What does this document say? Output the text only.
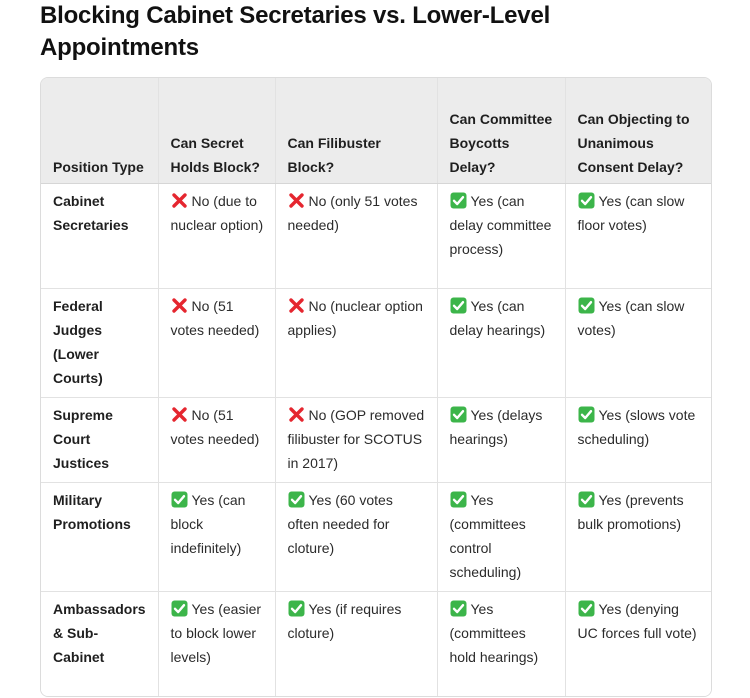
Blocking Cabinet Secretaries vs. Lower-Level Appointments
Position Type	Can Secret Holds Block?	Can Filibuster Block?	Can Committee Boycotts Delay?	Can Objecting to Unanimous Consent Delay?
Cabinet Secretaries	No (due to nuclear option)	No (only 51 votes needed)	Yes (can delay committee process)	Yes (can slow floor votes)
Federal Judges (Lower Courts)	No (51 votes needed)	No (nuclear option applies)	Yes (can delay hearings)	Yes (can slow votes)
Supreme Court Justices	No (51 votes needed)	No (GOP removed filibuster for SCOTUS in 2017)	Yes (delays hearings)	Yes (slows vote scheduling)
Military Promotions	Yes (can block indefinitely)	Yes (60 votes often needed for cloture)	Yes (committees control scheduling)	Yes (prevents bulk promotions)
Ambassadors & Sub-Cabinet	Yes (easier to block lower levels)	Yes (if requires cloture)	Yes (committees hold hearings)	Yes (denying UC forces full vote)
